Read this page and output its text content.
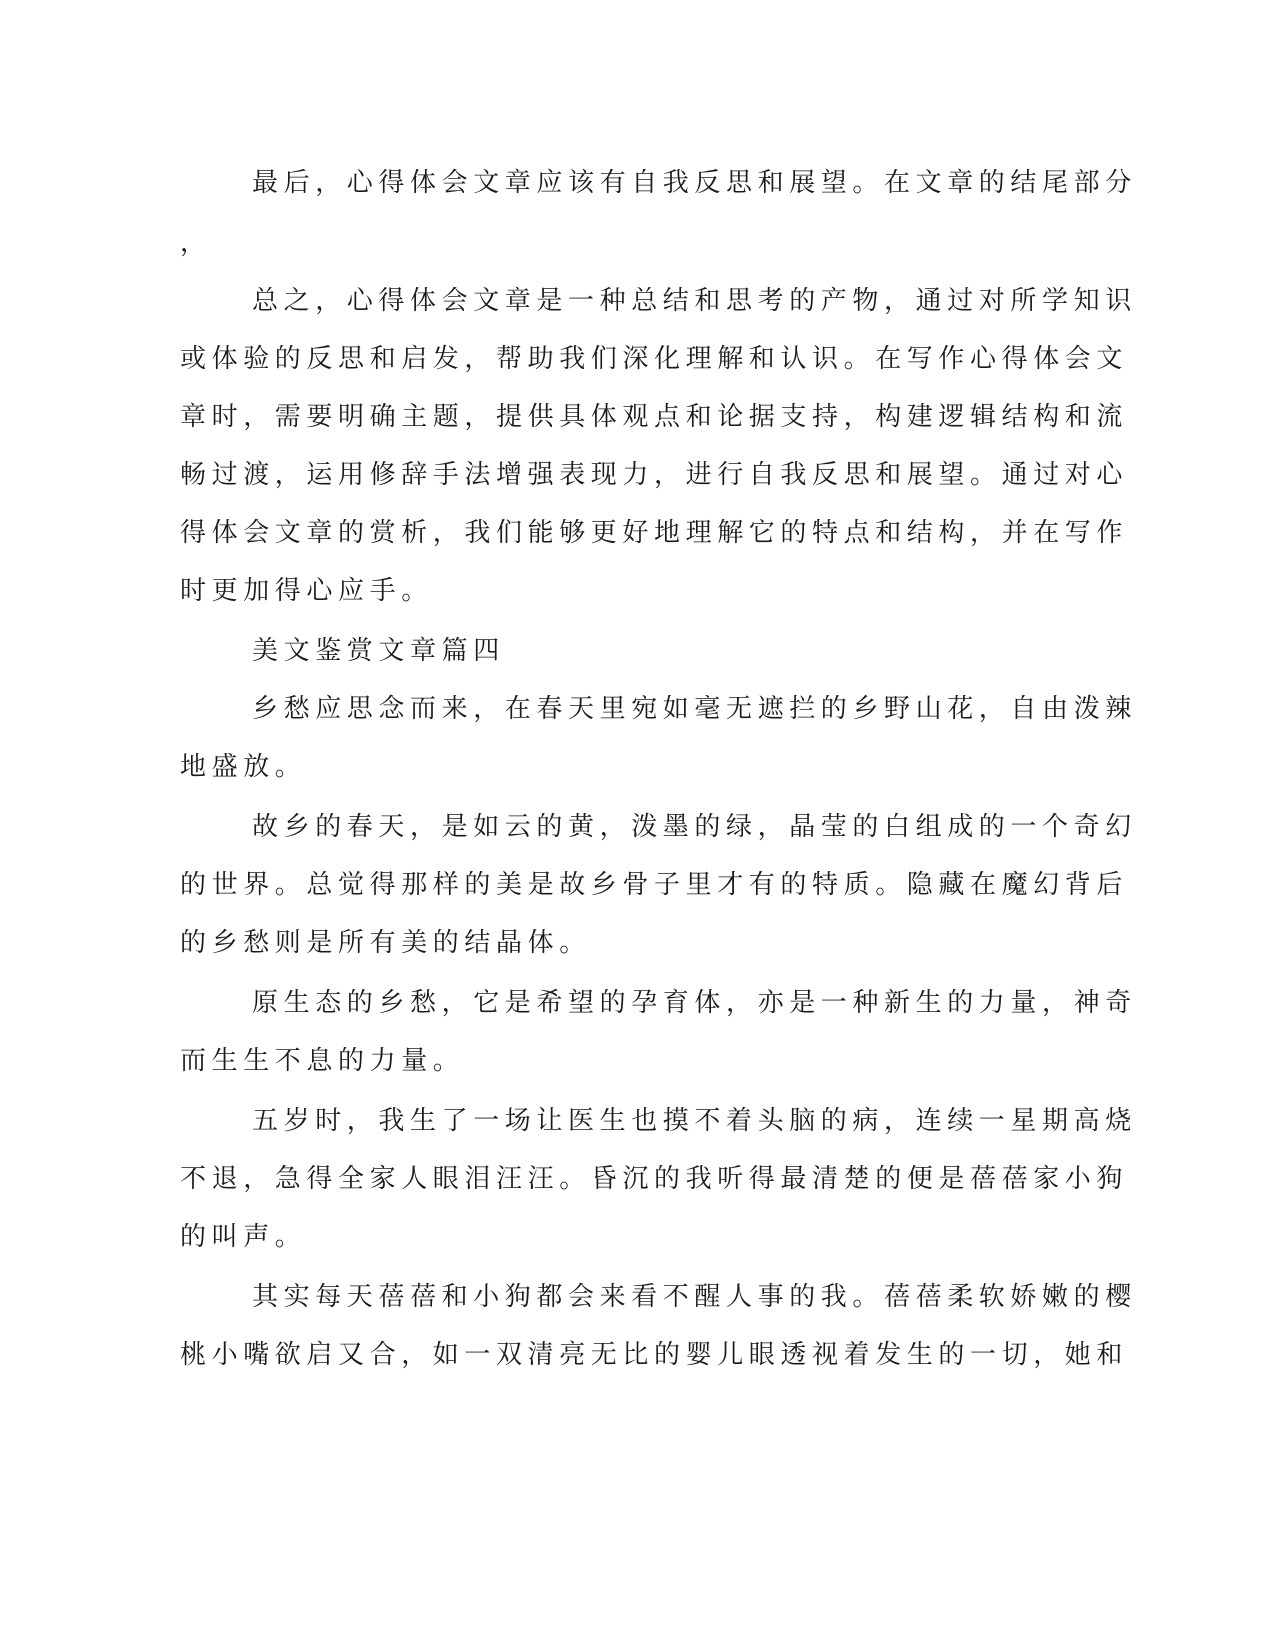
最后，心得体会文章应该有自我反思和展望。在文章的结尾部分
，
总之，心得体会文章是一种总结和思考的产物，通过对所学知识
或体验的反思和启发，帮助我们深化理解和认识。在写作心得体会文
章时，需要明确主题，提供具体观点和论据支持，构建逻辑结构和流
畅过渡，运用修辞手法增强表现力，进行自我反思和展望。通过对心
得体会文章的赏析，我们能够更好地理解它的特点和结构，并在写作
时更加得心应手。
美文鉴赏文章篇四
乡愁应思念而来，在春天里宛如毫无遮拦的乡野山花，自由泼辣
地盛放。
故乡的春天，是如云的黄，泼墨的绿，晶莹的白组成的一个奇幻
的世界。总觉得那样的美是故乡骨子里才有的特质。隐藏在魔幻背后
的乡愁则是所有美的结晶体。
原生态的乡愁，它是希望的孕育体，亦是一种新生的力量，神奇
而生生不息的力量。
五岁时，我生了一场让医生也摸不着头脑的病，连续一星期高烧
不退，急得全家人眼泪汪汪。昏沉的我听得最清楚的便是蓓蓓家小狗
的叫声。
其实每天蓓蓓和小狗都会来看不醒人事的我。蓓蓓柔软娇嫩的樱
桃小嘴欲启又合，如一双清亮无比的婴儿眼透视着发生的一切，她和
